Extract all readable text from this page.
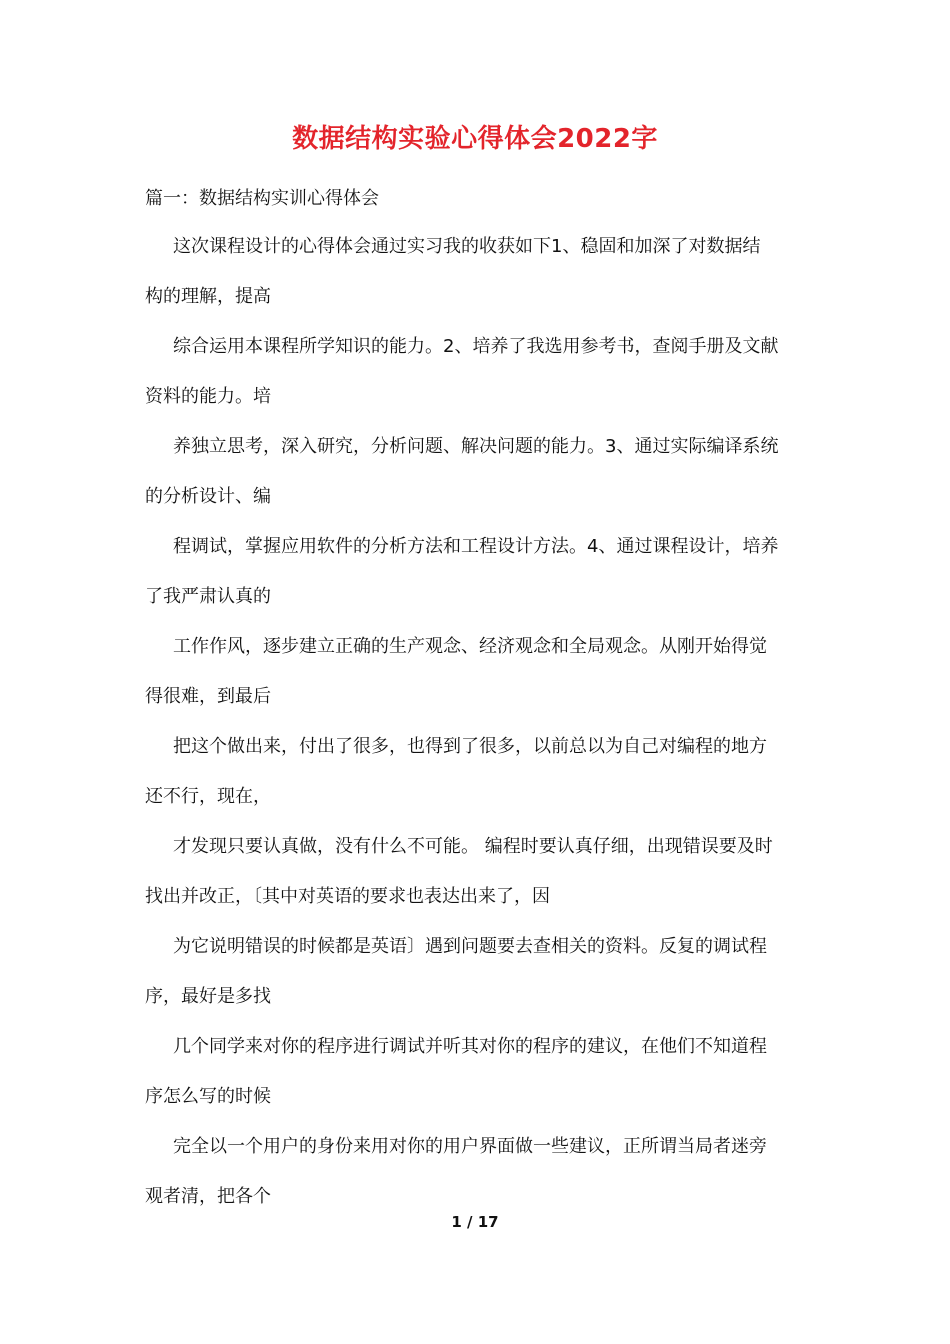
数据结构实验心得体会2022字
篇一：数据结构实训心得体会
这次课程设计的心得体会通过实习我的收获如下1、稳固和加深了对数据结
构的理解，提高
综合运用本课程所学知识的能力。2、培养了我选用参考书，查阅手册及文献
资料的能力。培
养独立思考，深入研究，分析问题、解决问题的能力。3、通过实际编译系统
的分析设计、编
程调试，掌握应用软件的分析方法和工程设计方法。4、通过课程设计，培养
了我严肃认真的
工作作风，逐步建立正确的生产观念、经济观念和全局观念。从刚开始得觉
得很难，到最后
把这个做出来，付出了很多，也得到了很多，以前总以为自己对编程的地方
还不行，现在，
才发现只要认真做，没有什么不可能。 编程时要认真仔细，出现错误要及时
找出并改正，〔其中对英语的要求也表达出来了，因
为它说明错误的时候都是英语〕遇到问题要去查相关的资料。反复的调试程
序，最好是多找
几个同学来对你的程序进行调试并听其对你的程序的建议，在他们不知道程
序怎么写的时候
完全以一个用户的身份来用对你的用户界面做一些建议，正所谓当局者迷旁
观者清，把各个
1 / 17
